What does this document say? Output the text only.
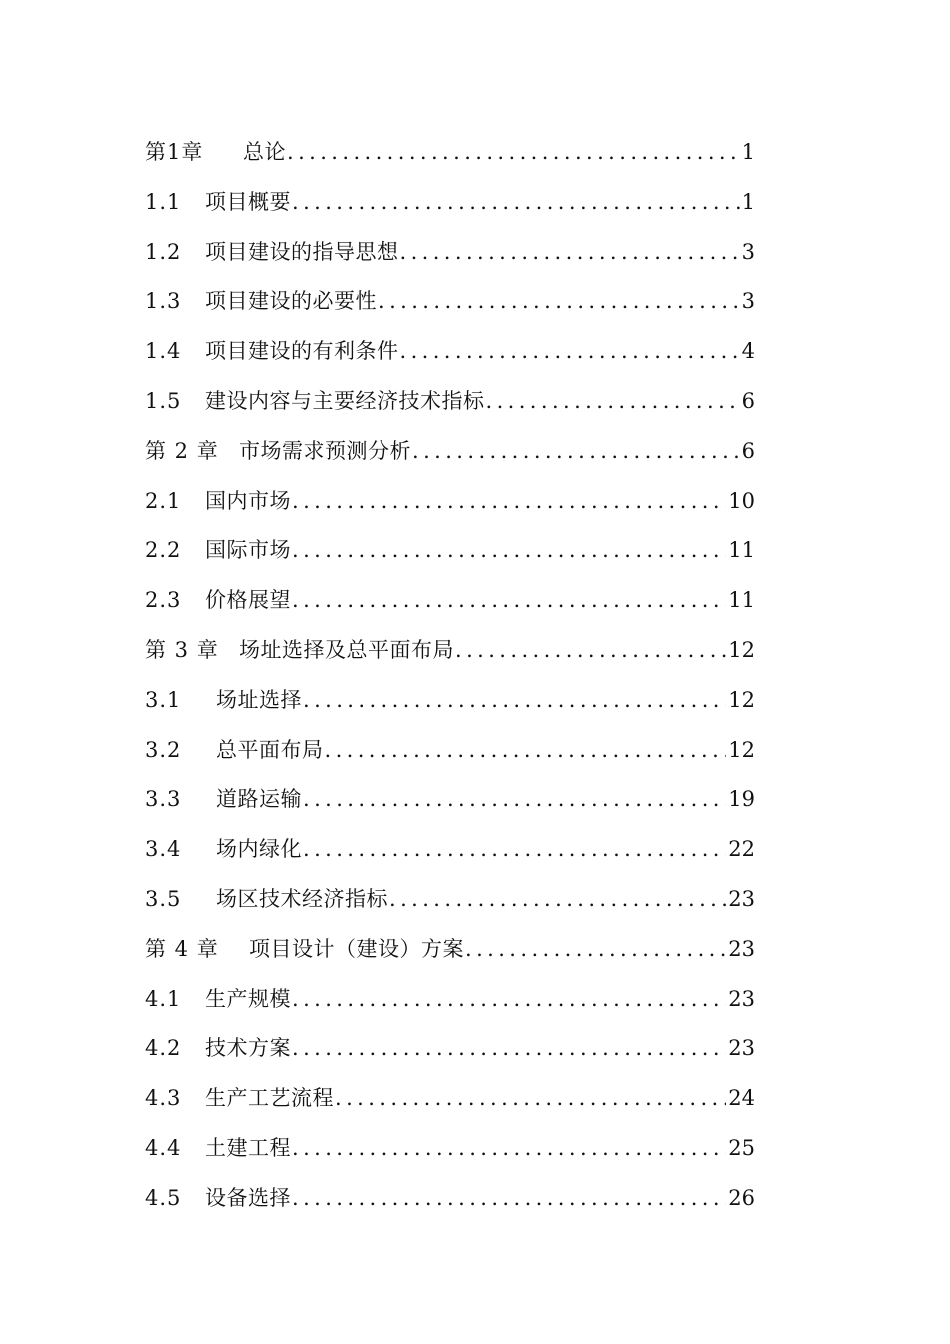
第1章	总论 .....	1
1.1	项目概要 .....	1
1.2	项目建设的指导思想 .....	3
1.3	项目建设的必要性 .....	3
1.4	项目建设的有利条件 .....	4
1.5	建设内容与主要经济技术指标 .....	6
第 2 章 市场需求预测分析 .....	6
2.1	国内市场 .....	10
2.2	国际市场 .....	11
2.3	价格展望 .....	11
第 3 章 场址选择及总平面布局 .....	12
3.1	场址选择 .....	12
3.2	总平面布局 .....	12
3.3	道路运输 .....	19
3.4	场内绿化 .....	22
3.5	场区技术经济指标 .....	23
第 4 章	项目设计（建设）方案 .....	23
4.1	生产规模 .....	23
4.2	技术方案 .....	23
4.3	生产工艺流程 .....	24
4.4	土建工程 .....	25
4.5	设备选择 .....	26
